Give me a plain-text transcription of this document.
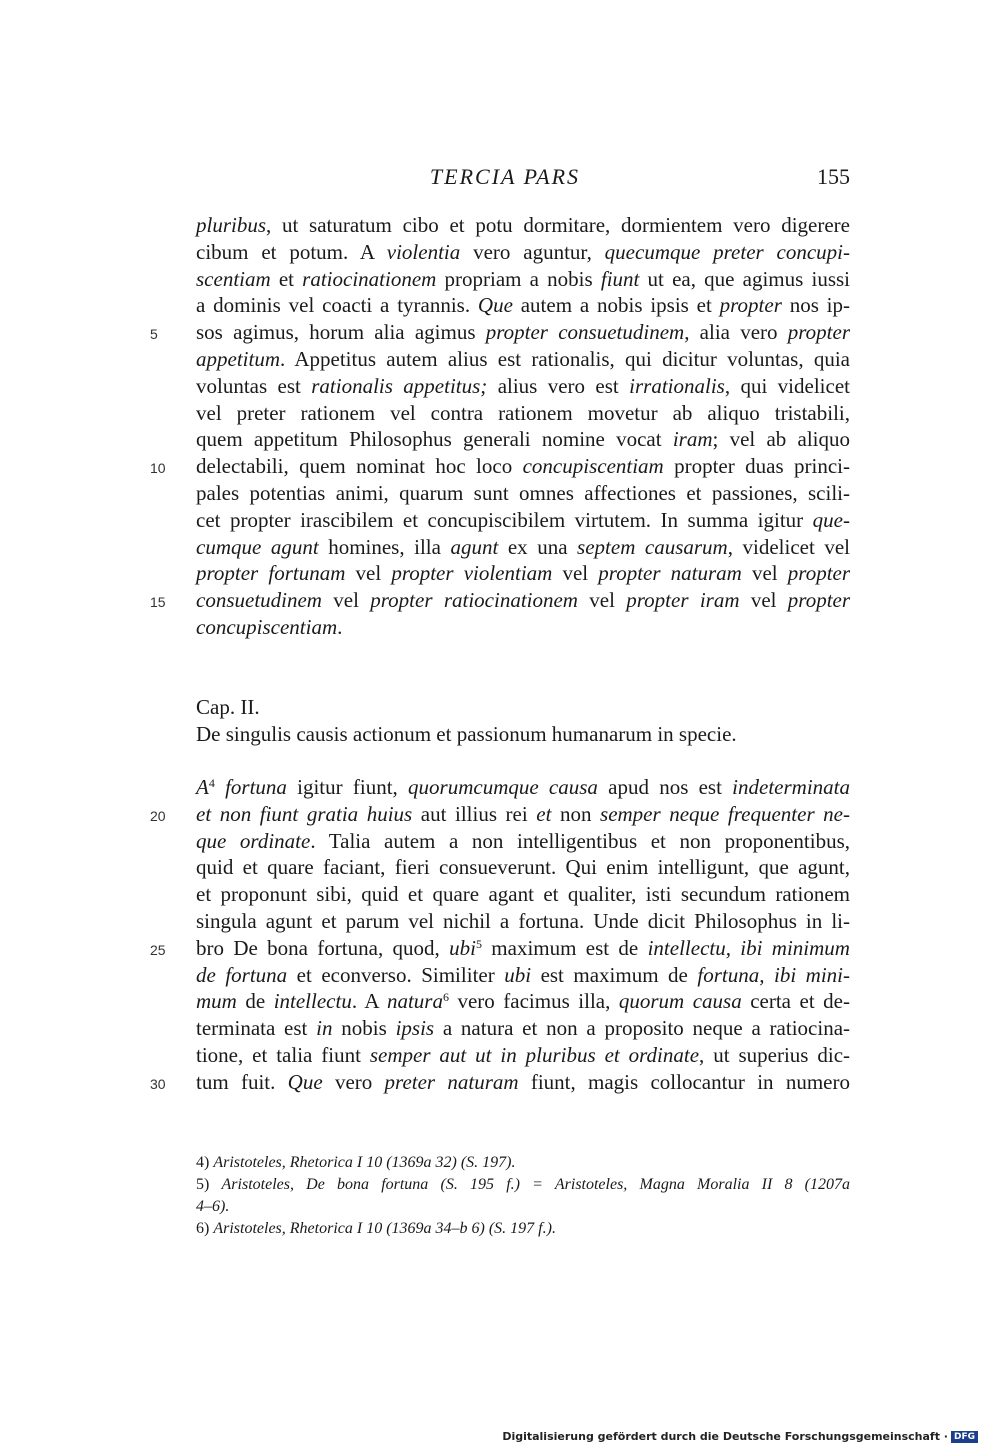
TERCIA PARS	155
pluribus, ut saturatum cibo et potu dormitare, dormientem vero digerere
cibum et potum. A violentia vero aguntur, quecumque preter concupi-
scentiam et ratiocinationem propriam a nobis fiunt ut ea, que agimus iussi
a dominis vel coacti a tyrannis. Que autem a nobis ipsis et propter nos ip-
5	sos agimus, horum alia agimus propter consuetudinem, alia vero propter
appetitum. Appetitus autem alius est rationalis, qui dicitur voluntas, quia
voluntas est rationalis appetitus; alius vero est irrationalis, qui videlicet
vel preter rationem vel contra rationem movetur ab aliquo tristabili,
quem appetitum Philosophus generali nomine vocat iram; vel ab aliquo
10	delectabili, quem nominat hoc loco concupiscentiam propter duas princi-
pales potentias animi, quarum sunt omnes affectiones et passiones, scili-
cet propter irascibilem et concupiscibilem virtutem. In summa igitur que-
cumque agunt homines, illa agunt ex una septem causarum, videlicet vel
propter fortunam vel propter violentiam vel propter naturam vel propter
15	consuetudinem vel propter ratiocinationem vel propter iram vel propter
concupiscentiam.
Cap. II.
De singulis causis actionum et passionum humanarum in specie.
$A^4$ fortuna igitur fiunt, quorumcumque causa apud nos est indeterminata
20	et non fiunt gratia huius aut illius rei et non semper neque frequenter ne-
que ordinate. Talia autem a non intelligentibus et non proponentibus,
quid et quare faciant, fieri consueverunt. Qui enim intelligunt, que agunt,
et proponunt sibi, quid et quare agant et qualiter, isti secundum rationem
singula agunt et parum vel nichil a fortuna. Unde dicit Philosophus in li-
25	bro De bona fortuna, quod, ubi$^5$ maximum est de intellectu, ibi minimum
de fortuna et econverso. Similiter ubi est maximum de fortuna, ibi mini-
mum de intellectu. A natura$^6$ vero facimus illa, quorum causa certa et de-
terminata est in nobis ipsis a natura et non a proposito neque a ratiocina-
tione, et talia fiunt semper aut ut in pluribus et ordinate, ut superius dic-
30	tum fuit. Que vero preter naturam fiunt, magis collocantur in numero
4) Aristoteles, Rhetorica I 10 (1369a 32) (S. 197).
5) Aristoteles, De bona fortuna (S. 195 f.) = Aristoteles, Magna Moralia II 8 (1207a
4–6).
6) Aristoteles, Rhetorica I 10 (1369a 34–b 6) (S. 197 f.).
Digitalisierung gefördert durch die Deutsche Forschungsgemeinschaft · DFG
